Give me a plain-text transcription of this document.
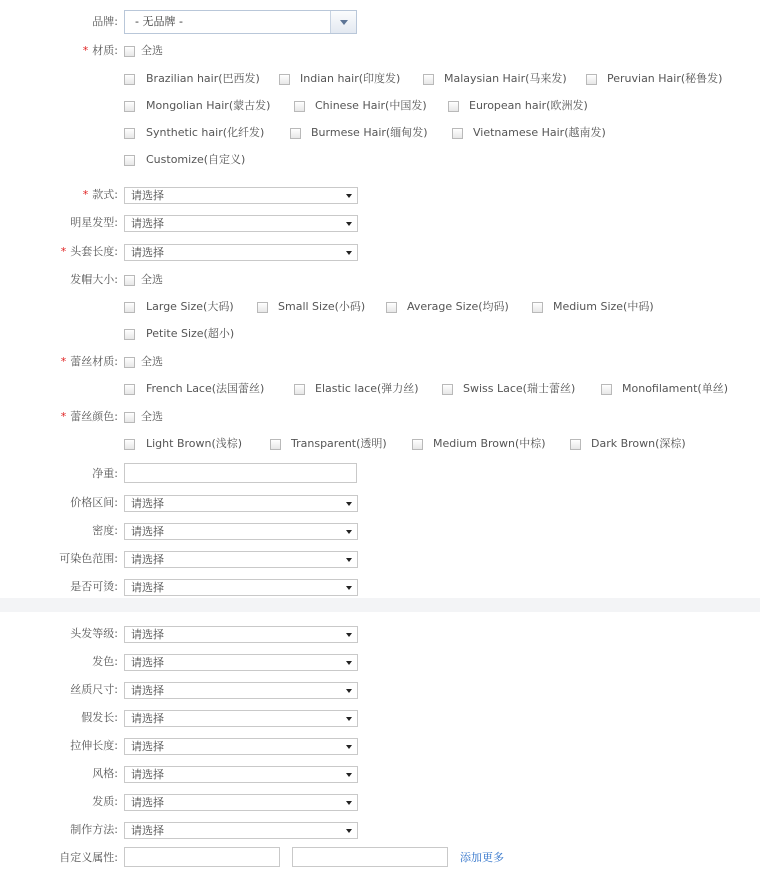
品牌:	- 无品牌 -
* 材质: 全选
Brazilian hair(巴西发)	Indian hair(印度发)	Malaysian Hair(马来发)	Peruvian Hair(秘鲁发)
Mongolian Hair(蒙古发)	Chinese Hair(中国发)	European hair(欧洲发)
Synthetic hair(化纤发)	Burmese Hair(缅甸发)	Vietnamese Hair(越南发)
Customize(自定义)
* 款式:	请选择
明星发型:	请选择
* 头套长度:	请选择
发帽大小: 全选
Large Size(大码)	Small Size(小码)	Average Size(均码)	Medium Size(中码)
Petite Size(超小)
* 蕾丝材质: 全选
French Lace(法国蕾丝)	Elastic lace(弹力丝)	Swiss Lace(瑞士蕾丝)	Monofilament(单丝)
* 蕾丝颜色: 全选
Light Brown(浅棕)	Transparent(透明)	Medium Brown(中棕)	Dark Brown(深棕)
净重:
价格区间:	请选择
密度:	请选择
可染色范围:	请选择
是否可烫:	请选择
头发等级:	请选择
发色:	请选择
丝质尺寸:	请选择
假发长:	请选择
拉伸长度:	请选择
风格:	请选择
发质:	请选择
制作方法:	请选择
自定义属性:	添加更多
